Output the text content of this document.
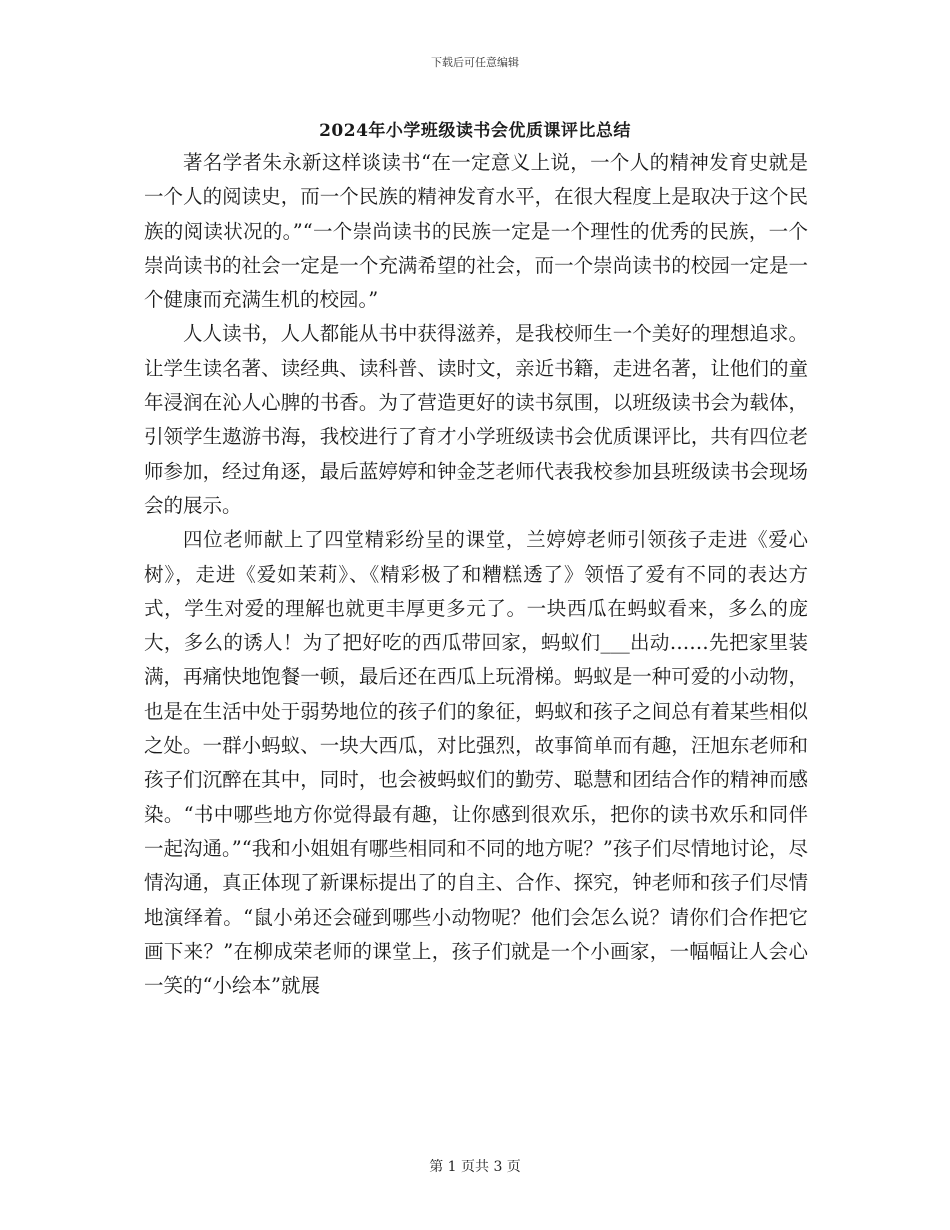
下载后可任意编辑
2024年小学班级读书会优质课评比总结

著名学者朱永新这样谈读书“在一定意义上说，一个人的精神发育史就是一个人的阅读史，而一个民族的精神发育水平，在很大程度上是取决于这个民族的阅读状况的。”“一个崇尚读书的民族一定是一个理性的优秀的民族，一个崇尚读书的社会一定是一个充满希望的社会，而一个崇尚读书的校园一定是一个健康而充满生机的校园。”

人人读书，人人都能从书中获得滋养，是我校师生一个美好的理想追求。让学生读名著、读经典、读科普、读时文，亲近书籍，走进名著，让他们的童年浸润在沁人心脾的书香。为了营造更好的读书氛围，以班级读书会为载体，引领学生遨游书海，我校进行了育才小学班级读书会优质课评比，共有四位老师参加，经过角逐，最后蓝婷婷和钟金芝老师代表我校参加县班级读书会现场会的展示。

四位老师献上了四堂精彩纷呈的课堂，兰婷婷老师引领孩子走进《爱心树》，走进《爱如茉莉》、《精彩极了和糟糕透了》领悟了爱有不同的表达方式，学生对爱的理解也就更丰厚更多元了。一块西瓜在蚂蚁看来，多么的庞大，多么的诱人！为了把好吃的西瓜带回家，蚂蚁们___出动……先把家里装满，再痛快地饱餐一顿，最后还在西瓜上玩滑梯。蚂蚁是一种可爱的小动物，也是在生活中处于弱势地位的孩子们的象征，蚂蚁和孩子之间总有着某些相似之处。一群小蚂蚁、一块大西瓜，对比强烈，故事简单而有趣，汪旭东老师和孩子们沉醉在其中，同时，也会被蚂蚁们的勤劳、聪慧和团结合作的精神而感染。“书中哪些地方你觉得最有趣，让你感到很欢乐，把你的读书欢乐和同伴一起沟通。”“我和小姐姐有哪些相同和不同的地方呢？”孩子们尽情地讨论，尽情沟通，真正体现了新课标提出了的自主、合作、探究，钟老师和孩子们尽情地演绎着。“鼠小弟还会碰到哪些小动物呢？他们会怎么说？请你们合作把它画下来？”在柳成荣老师的课堂上，孩子们就是一个小画家，一幅幅让人会心一笑的“小绘本”就展

第 1 页共 3 页
